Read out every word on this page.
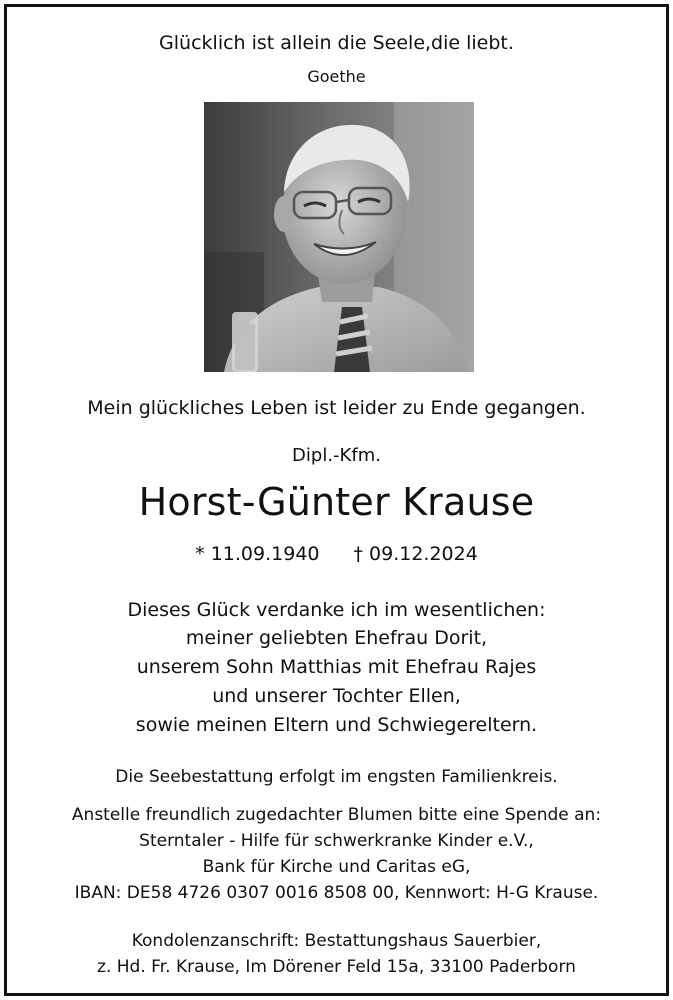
Glücklich ist allein die Seele,die liebt.
Goethe
Mein glückliches Leben ist leider zu Ende gegangen.
Dipl.-Kfm.
Horst-Günter Krause
* 11.09.1940 † 09.12.2024
Dieses Glück verdanke ich im wesentlichen:
meiner geliebten Ehefrau Dorit,
unserem Sohn Matthias mit Ehefrau Rajes
und unserer Tochter Ellen,
sowie meinen Eltern und Schwiegereltern.
Die Seebestattung erfolgt im engsten Familienkreis.
Anstelle freundlich zugedachter Blumen bitte eine Spende an:
Sterntaler - Hilfe für schwerkranke Kinder e.V.,
Bank für Kirche und Caritas eG,
IBAN: DE58 4726 0307 0016 8508 00, Kennwort: H-G Krause.
Kondolenzanschrift: Bestattungshaus Sauerbier,
z. Hd. Fr. Krause, Im Dörener Feld 15a, 33100 Paderborn
